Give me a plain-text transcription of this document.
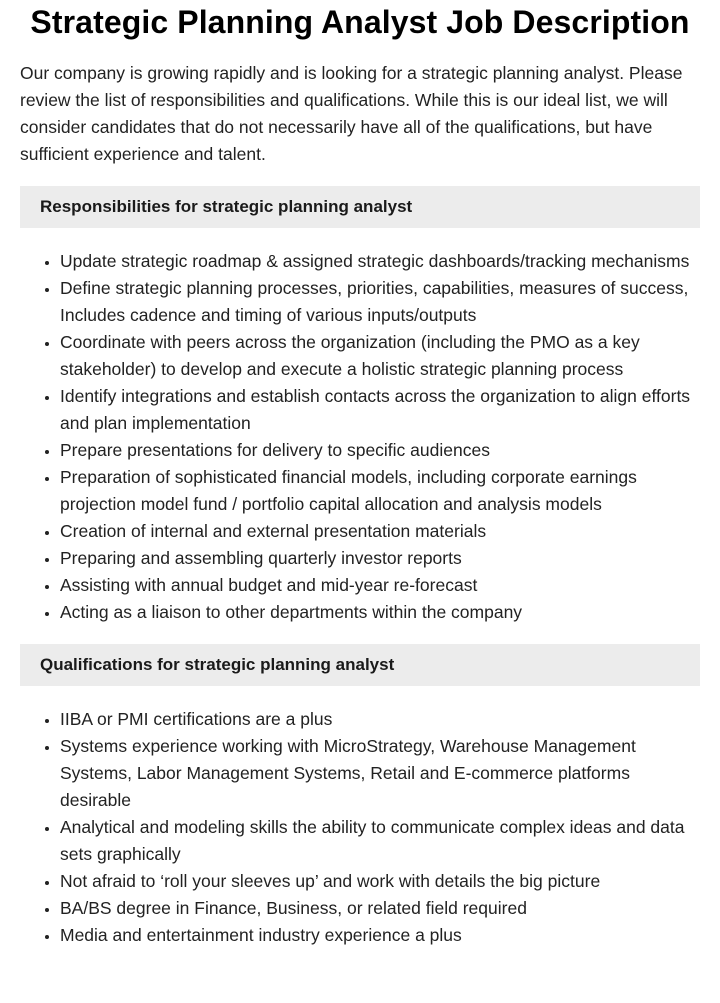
Strategic Planning Analyst Job Description

Our company is growing rapidly and is looking for a strategic planning analyst. Please review the list of responsibilities and qualifications. While this is our ideal list, we will consider candidates that do not necessarily have all of the qualifications, but have sufficient experience and talent.

Responsibilities for strategic planning analyst
• Update strategic roadmap & assigned strategic dashboards/tracking mechanisms
• Define strategic planning processes, priorities, capabilities, measures of success, Includes cadence and timing of various inputs/outputs
• Coordinate with peers across the organization (including the PMO as a key stakeholder) to develop and execute a holistic strategic planning process
• Identify integrations and establish contacts across the organization to align efforts and plan implementation
• Prepare presentations for delivery to specific audiences
• Preparation of sophisticated financial models, including corporate earnings projection model fund / portfolio capital allocation and analysis models
• Creation of internal and external presentation materials
• Preparing and assembling quarterly investor reports
• Assisting with annual budget and mid-year re-forecast
• Acting as a liaison to other departments within the company
Qualifications for strategic planning analyst
• IIBA or PMI certifications are a plus
• Systems experience working with MicroStrategy, Warehouse Management Systems, Labor Management Systems, Retail and E-commerce platforms desirable
• Analytical and modeling skills the ability to communicate complex ideas and data sets graphically
• Not afraid to ‘roll your sleeves up’ and work with details the big picture
• BA/BS degree in Finance, Business, or related field required
• Media and entertainment industry experience a plus
